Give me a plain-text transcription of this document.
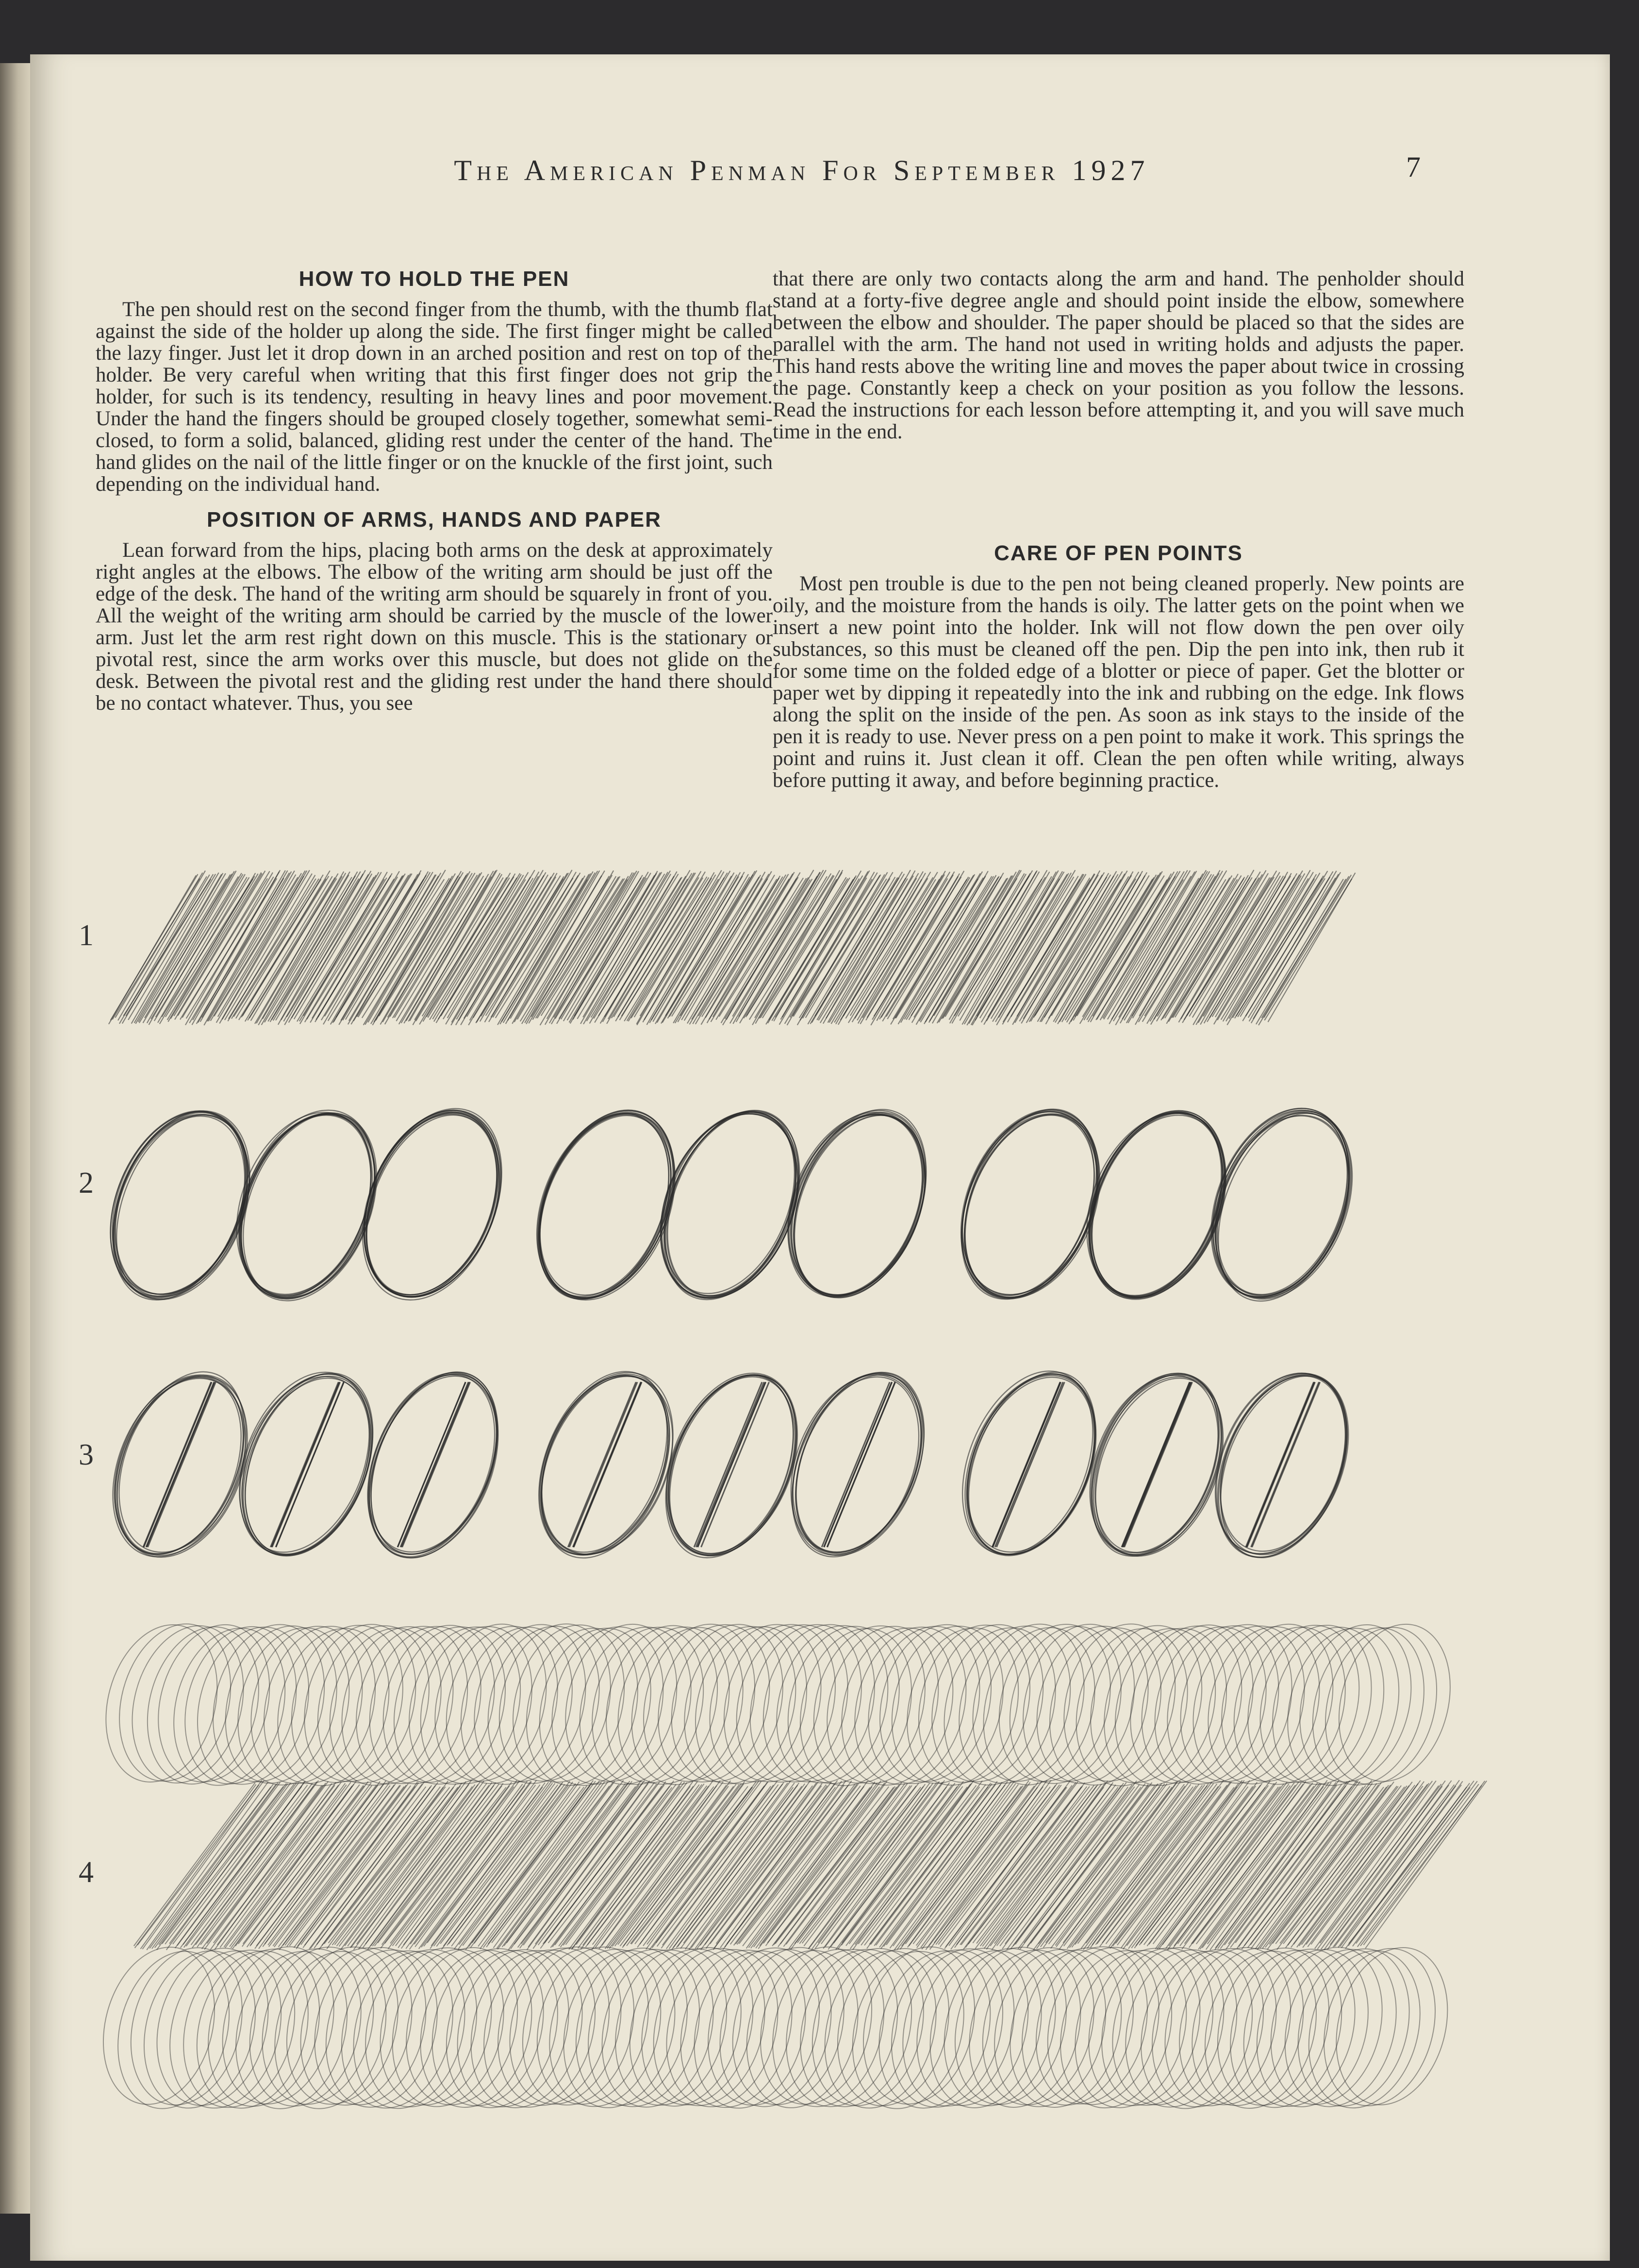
The American Penman For September 1927	7
HOW TO HOLD THE PEN

The pen should rest on the second finger from the thumb, with the thumb flat against the side of the holder up along the side. The first finger might be called the lazy finger. Just let it drop down in an arched position and rest on top of the holder. Be very careful when writing that this first finger does not grip the holder, for such is its tendency, resulting in heavy lines and poor movement. Under the hand the fingers should be grouped closely together, somewhat semi-closed, to form a solid, balanced, gliding rest under the center of the hand. The hand glides on the nail of the little finger or on the knuckle of the first joint, such depending on the individual hand.

POSITION OF ARMS, HANDS AND PAPER

Lean forward from the hips, placing both arms on the desk at approximately right angles at the elbows. The elbow of the writing arm should be just off the edge of the desk. The hand of the writing arm should be squarely in front of you. All the weight of the writing arm should be carried by the muscle of the lower arm. Just let the arm rest right down on this muscle. This is the stationary or pivotal rest, since the arm works over this muscle, but does not glide on the desk. Between the pivotal rest and the gliding rest under the hand there should be no contact whatever. Thus, you see

that there are only two contacts along the arm and hand. The penholder should stand at a forty-five degree angle and should point inside the elbow, somewhere between the elbow and shoulder. The paper should be placed so that the sides are parallel with the arm. The hand not used in writing holds and adjusts the paper. This hand rests above the writing line and moves the paper about twice in crossing the page. Constantly keep a check on your position as you follow the lessons. Read the instructions for each lesson before attempting it, and you will save much time in the end.

CARE OF PEN POINTS

Most pen trouble is due to the pen not being cleaned properly. New points are oily, and the moisture from the hands is oily. The latter gets on the point when we insert a new point into the holder. Ink will not flow down the pen over oily substances, so this must be cleaned off the pen. Dip the pen into ink, then rub it for some time on the folded edge of a blotter or piece of paper. Get the blotter or paper wet by dipping it repeatedly into the ink and rubbing on the edge. Ink flows along the split on the inside of the pen. As soon as ink stays to the inside of the pen it is ready to use. Never press on a pen point to make it work. This springs the point and ruins it. Just clean it off. Clean the pen often while writing, always before putting it away, and before beginning practice.

1
2
3
4
